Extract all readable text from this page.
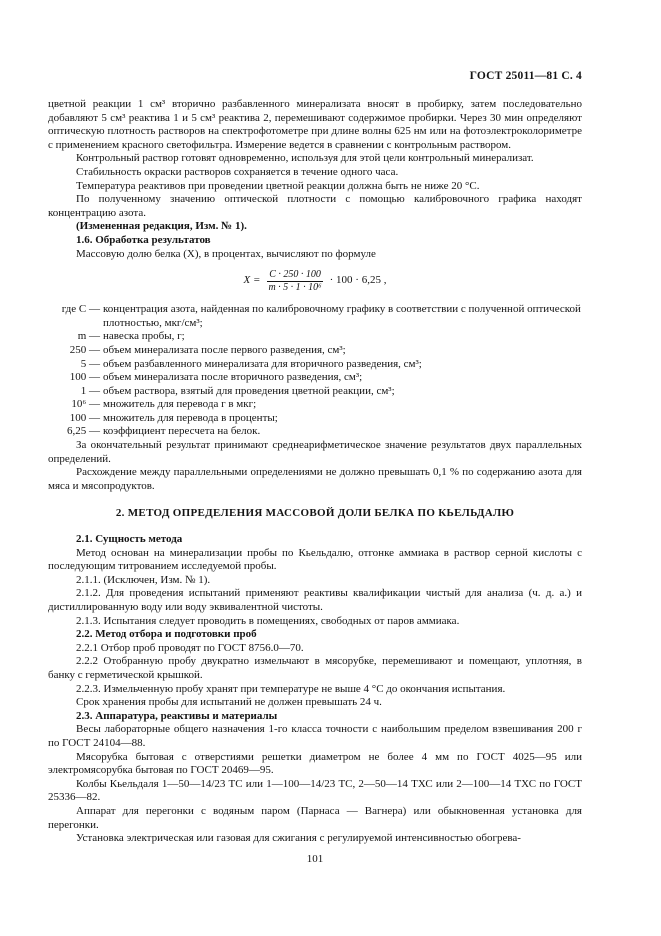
ГОСТ 25011—81 С. 4

цветной реакции 1 см³ вторично разбавленного минерализата вносят в пробирку, затем последовательно добавляют 5 см³ реактива 1 и 5 см³ реактива 2, перемешивают содержимое пробирки. Через 30 мин определяют оптическую плотность растворов на спектрофотометре при длине волны 625 нм или на фотоэлектроколориметре с применением красного светофильтра. Измерение ведется в сравнении с контрольным раствором.

Контрольный раствор готовят одновременно, используя для этой цели контрольный минерализат.

Стабильность окраски растворов сохраняется в течение одного часа.

Температура реактивов при проведении цветной реакции должна быть не ниже 20 °С.

По полученному значению оптической плотности с помощью калибровочного графика находят концентрацию азота.

(Измененная редакция, Изм. № 1).

1.6. Обработка результатов

Массовую долю белка (X), в процентах, вычисляют по формуле

$X = \frac{C \cdot 250 \cdot 100}{\text{m · 5 · 1 · 10⁶}} \cdot 100 \cdot 6,25$ ,
где C — концентрация азота, найденная по калибровочному графику в соответствии с полученной оптической плотностью, мкг/см³;
m — навеска пробы, г;
250 — объем минерализата после первого разведения, см³;
5 — объем разбавленного минерализата для вторичного разведения, см³;
100 — объем минерализата после вторичного разведения, см³;
1 — объем раствора, взятый для проведения цветной реакции, см³;
10⁶ — множитель для перевода г в мкг;
100 — множитель для перевода в проценты;
6,25 — коэффициент пересчета на белок.

За окончательный результат принимают среднеарифметическое значение результатов двух параллельных определений.

Расхождение между параллельными определениями не должно превышать 0,1 % по содержанию азота для мяса и мясопродуктов.

2. МЕТОД ОПРЕДЕЛЕНИЯ МАССОВОЙ ДОЛИ БЕЛКА ПО КЬЕЛЬДАЛЮ

2.1. Сущность метода

Метод основан на минерализации пробы по Кьельдалю, отгонке аммиака в раствор серной кислоты с последующим титрованием исследуемой пробы.

2.1.1. (Исключен, Изм. № 1).

2.1.2. Для проведения испытаний применяют реактивы квалификации чистый для анализа (ч. д. а.) и дистиллированную воду или воду эквивалентной чистоты.

2.1.3. Испытания следует проводить в помещениях, свободных от паров аммиака.

2.2. Метод отбора и подготовки проб

2.2.1 Отбор проб проводят по ГОСТ 8756.0—70.

2.2.2 Отобранную пробу двукратно измельчают в мясорубке, перемешивают и помещают, уплотняя, в банку с герметической крышкой.

2.2.3. Измельченную пробу хранят при температуре не выше 4 °С до окончания испытания.

Срок хранения пробы для испытаний не должен превышать 24 ч.

2.3. Аппаратура, реактивы и материалы

Весы лабораторные общего назначения 1-го класса точности с наибольшим пределом взвешивания 200 г по ГОСТ 24104—88.

Мясорубка бытовая с отверстиями решетки диаметром не более 4 мм по ГОСТ 4025—95 или электромясорубка бытовая по ГОСТ 20469—95.

Колбы Кьельдаля 1—50—14/23 ТС или 1—100—14/23 ТС, 2—50—14 ТХС или 2—100—14 ТХС по ГОСТ 25336—82.

Аппарат для перегонки с водяным паром (Парнаса — Вагнера) или обыкновенная установка для перегонки.

Установка электрическая или газовая для сжигания с регулируемой интенсивностью обогрева-

101
